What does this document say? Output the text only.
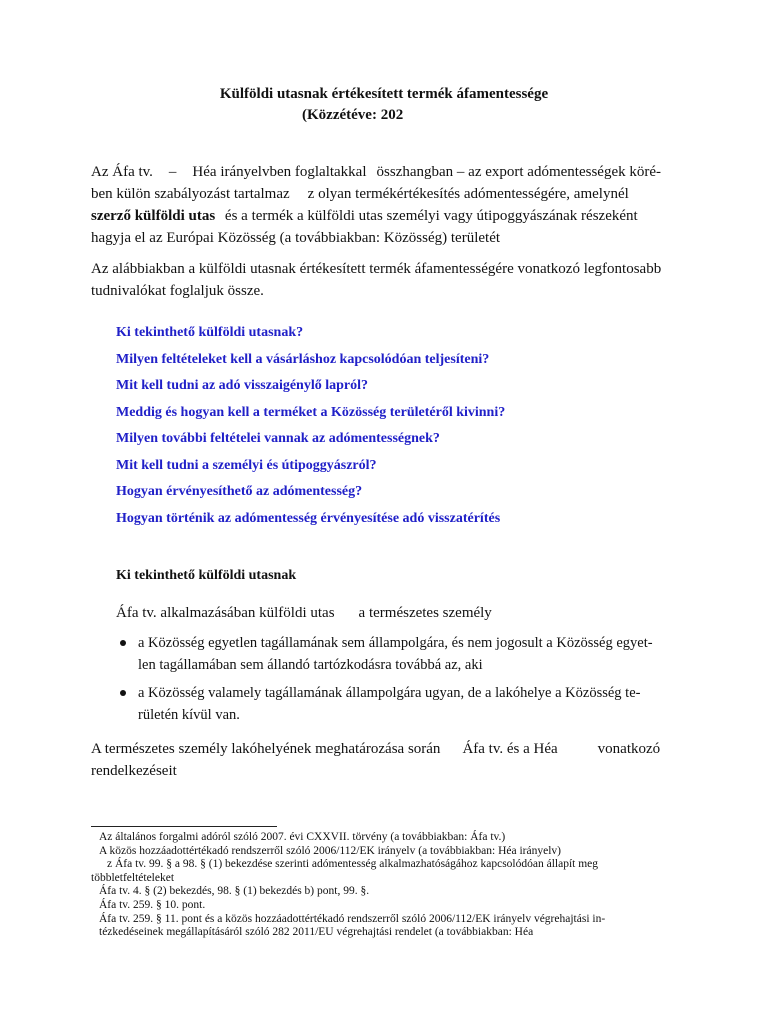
Külföldi utasnak értékesített termék áfamentessége
(Közzétéve: 202
Az Áfa tv. – Héa irányelvben foglaltakkal összhangban – az export adómentességek köré-
ben külön szabályozást tartalmaz z olyan termékértékesítés adómentességére, amelynél
szerző külföldi utas és a termék a külföldi utas személyi vagy útipoggyászának részeként
hagyja el az Európai Közösség (a továbbiakban: Közösség) területét
Az alábbiakban a külföldi utasnak értékesített termék áfamentességére vonatkozó legfontosabb
tudnivalókat foglaljuk össze.
Ki tekinthető külföldi utasnak?
Milyen feltételeket kell a vásárláshoz kapcsolódóan teljesíteni?
Mit kell tudni az adó visszaigénylő lapról?
Meddig és hogyan kell a terméket a Közösség területéről kivinni?
Milyen további feltételei vannak az adómentességnek?
Mit kell tudni a személyi és útipoggyászról?
Hogyan érvényesíthető az adómentesség?
Hogyan történik az adómentesség érvényesítése adó visszatérítés
Ki tekinthető külföldi utasnak
Áfa tv. alkalmazásában külföldi utas a természetes személy
a Közösség egyetlen tagállamának sem állampolgára, és nem jogosult a Közösség egyet-
len tagállamában sem állandó tartózkodásra továbbá az, aki
a Közösség valamely tagállamának állampolgára ugyan, de a lakóhelye a Közösség te-
rületén kívül van.
A természetes személy lakóhelyének meghatározása során Áfa tv. és a Héa	vonatkozó
rendelkezéseit
Az általános forgalmi adóról szóló 2007. évi CXXVII. törvény (a továbbiakban: Áfa tv.)
A közös hozzáadottértékadó rendszerről szóló 2006/112/EK irányelv (a továbbiakban: Héa irányelv)
z Áfa tv. 99. § a 98. § (1) bekezdése szerinti adómentesség alkalmazhatóságához kapcsolódóan állapít meg
többletfeltételeket
Áfa tv. 4. § (2) bekezdés, 98. § (1) bekezdés b) pont, 99. §.
Áfa tv. 259. § 10. pont.
Áfa tv. 259. § 11. pont és a közös hozzáadottértékadó rendszerről szóló 2006/112/EK irányelv végrehajtási in-
tézkedéseinek megállapításáról szóló 282 2011/EU végrehajtási rendelet (a továbbiakban: Héa
